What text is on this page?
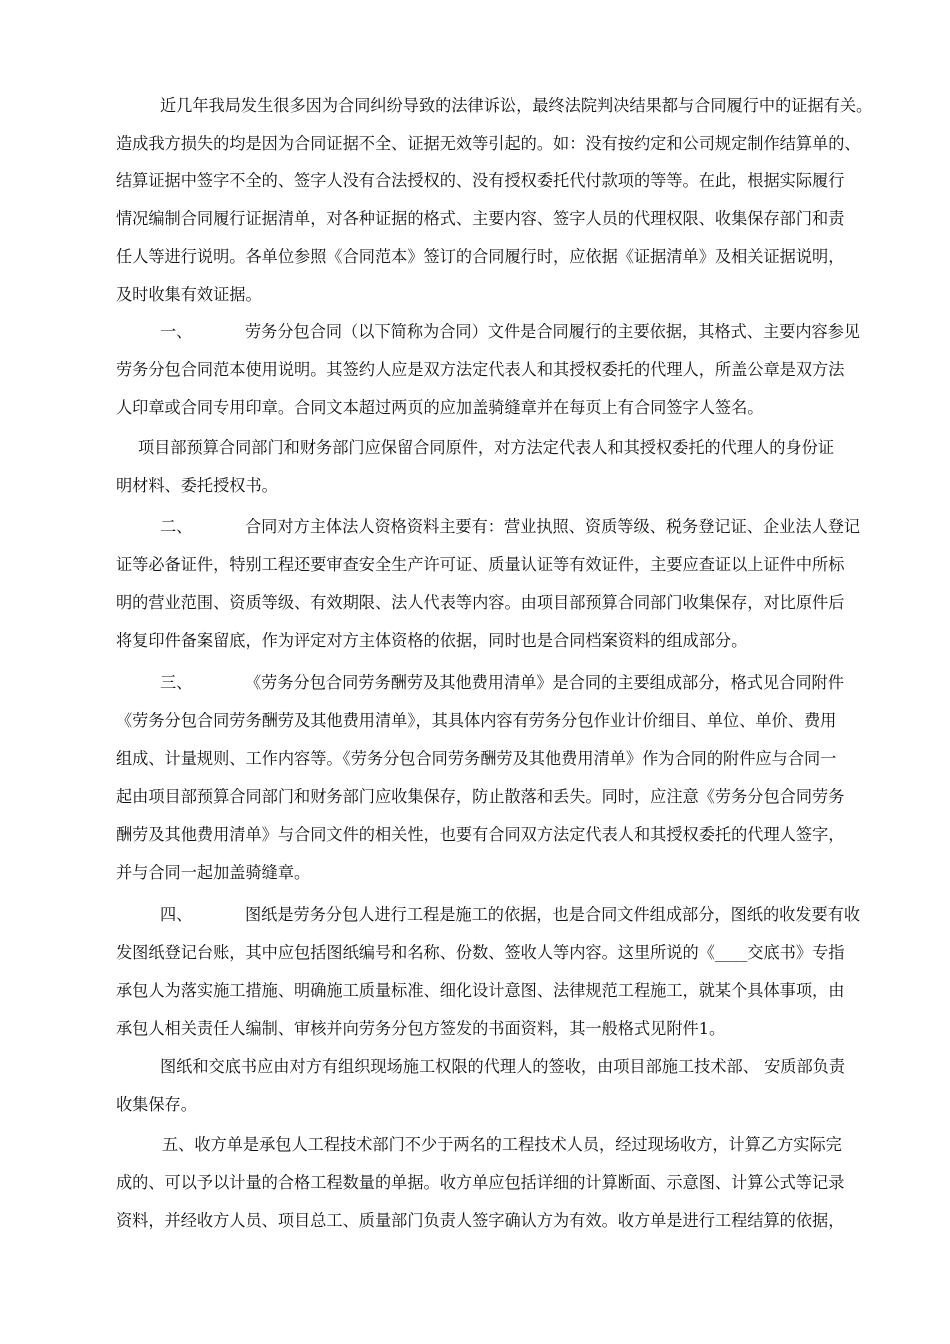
近几年我局发生很多因为合同纠纷导致的法律诉讼，最终法院判决结果都与合同履行中的证据有关。
造成我方损失的均是因为合同证据不全、证据无效等引起的。如：没有按约定和公司规定制作结算单的、
结算证据中签字不全的、签字人没有合法授权的、没有授权委托代付款项的等等。在此，根据实际履行
情况编制合同履行证据清单，对各种证据的格式、主要内容、签字人员的代理权限、收集保存部门和责
任人等进行说明。各单位参照《合同范本》签订的合同履行时，应依据《证据清单》及相关证据说明，
及时收集有效证据。
一、	劳务分包合同（以下简称为合同）文件是合同履行的主要依据，其格式、主要内容参见
劳务分包合同范本使用说明。其签约人应是双方法定代表人和其授权委托的代理人，所盖公章是双方法
人印章或合同专用印章。合同文本超过两页的应加盖骑缝章并在每页上有合同签字人签名。
项目部预算合同部门和财务部门应保留合同原件，对方法定代表人和其授权委托的代理人的身份证
明材料、委托授权书。
二、	合同对方主体法人资格资料主要有：营业执照、资质等级、税务登记证、企业法人登记
证等必备证件，特别工程还要审查安全生产许可证、质量认证等有效证件，主要应查证以上证件中所标
明的营业范围、资质等级、有效期限、法人代表等内容。由项目部预算合同部门收集保存，对比原件后
将复印件备案留底，作为评定对方主体资格的依据，同时也是合同档案资料的组成部分。
三、	《劳务分包合同劳务酬劳及其他费用清单》是合同的主要组成部分，格式见合同附件
《劳务分包合同劳务酬劳及其他费用清单》，其具体内容有劳务分包作业计价细目、单位、单价、费用
组成、计量规则、工作内容等。《劳务分包合同劳务酬劳及其他费用清单》作为合同的附件应与合同一
起由项目部预算合同部门和财务部门应收集保存，防止散落和丢失。同时，应注意《劳务分包合同劳务
酬劳及其他费用清单》与合同文件的相关性，也要有合同双方法定代表人和其授权委托的代理人签字，
并与合同一起加盖骑缝章。
四、	图纸是劳务分包人进行工程是施工的依据，也是合同文件组成部分，图纸的收发要有收
发图纸登记台账，其中应包括图纸编号和名称、份数、签收人等内容。这里所说的《____交底书》专指
承包人为落实施工措施、明确施工质量标准、细化设计意图、法律规范工程施工，就某个具体事项，由
承包人相关责任人编制、审核并向劳务分包方签发的书面资料，其一般格式见附件1。
图纸和交底书应由对方有组织现场施工权限的代理人的签收，由项目部施工技术部、 安质部负责
收集保存。
五、收方单是承包人工程技术部门不少于两名的工程技术人员，经过现场收方，计算乙方实际完
成的、可以予以计量的合格工程数量的单据。收方单应包括详细的计算断面、示意图、计算公式等记录
资料，并经收方人员、项目总工、质量部门负责人签字确认方为有效。收方单是进行工程结算的依据，
